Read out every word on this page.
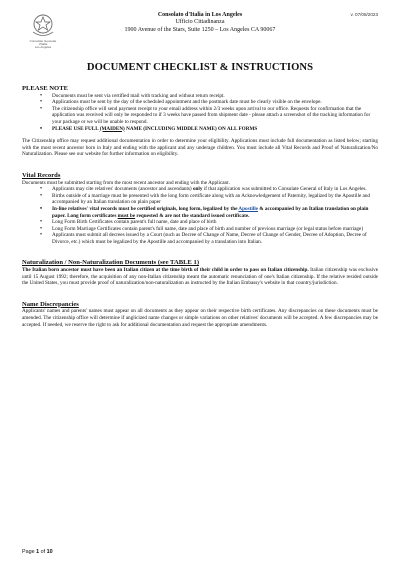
Consolato Generale d'Italia
Los Angeles
Consolato d'Italia in Los Angeles
Ufficio Cittadinanza
1900 Avenue of the Stars, Suite 1250 – Los Angeles CA 90067
v. 07/08/2023
DOCUMENT CHECKLIST & INSTRUCTIONS
PLEASE NOTE
• Documents must be sent via certified mail with tracking and without return receipt.
• Applications must be sent by the day of the scheduled appointment and the postmark date must be clearly visible on the envelope.
• The citizenship office will send payment receipt to your email address within 2/3 weeks upon arrival to our office. Requests for confirmation that the application was received will only be responded to if 3 weeks have passed from shipment date - please attach a screenshot of the tracking information for your package or we will be unable to respond.
• PLEASE USE FULL (MAIDEN) NAME (INCLUDING MIDDLE NAME) ON ALL FORMS

The Citizenship office may request additional documentation in order to determine your eligibility. Applications must include full documentation as listed below; starting with the most recent ancestor born in Italy and ending with the applicant and any underage children. You must include all Vital Records and Proof of Naturalization/No Naturalization. Please see our website for further information on eligibility.

Vital Records

Documents must be submitted starting from the most recent ancestor and ending with the Applicant.

• Applicants may cite relatives' documents (ancestor and ascendants) only if that application was submitted to Consulate General of Italy in Los Angeles.
• Births outside of a marriage must be presented with the long form certificate along with an Acknowledgement of Paternity, legalized by the Apostille and accompanied by an Italian translation on plain paper
• In-line relatives' vital records must be certified originals, long form, legalized by the Apostille & accompanied by an Italian translation on plain paper. Long form certificates must be requested & are not the standard issued certificate.
• Long Form Birth Certificates contain parent's full name, date and place of birth
• Long Form Marriage Certificates contain parent's full name, date and place of birth and number of previous marriage (or legal status before marriage)
• Applicants must submit all decrees issued by a Court (such as Decree of Change of Name, Decree of Change of Gender, Decree of Adoption, Decree of Divorce, etc.) which must be legalized by the Apostille and accompanied by a translation into Italian.
Naturalization / Non-Naturalization Documents (see TABLE 1)

The Italian born ancestor must have been an Italian citizen at the time birth of their child in order to pass on Italian citizenship. Italian citizenship was exclusive until 15 August 1992; therefore, the acquisition of any non-Italian citizenship meant the automatic renunciation of one's Italian citizenship. If the relative resided outside the United States, you must provide proof of naturalization/non-naturalization as instructed by the Italian Embassy's website in that country/jurisdiction.

Name Discrepancies

Applicants' names and parents' names must appear on all documents as they appear on their respective birth certificates. Any discrepancies on these documents must be amended. The citizenship office will determine if anglicized name changes or simple variations on other relatives' documents will be accepted. A few discrepancies may be accepted. If needed, we reserve the right to ask for additional documentation and request the appropriate amendments.

Page 1 of 10
